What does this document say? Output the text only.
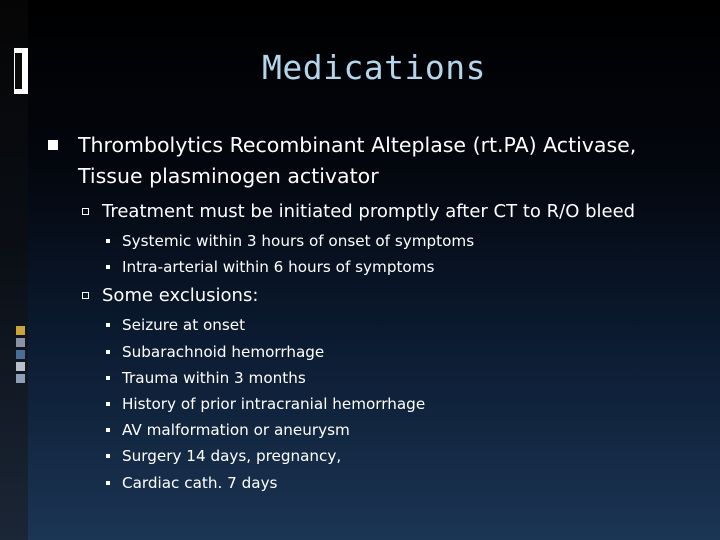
Medications
Thrombolytics Recombinant Alteplase (rt.PA) Activase, Tissue plasminogen activator
Treatment must be initiated promptly after CT to R/O bleed
Systemic within 3 hours of onset of symptoms
Intra-arterial within 6 hours of symptoms
Some exclusions:
Seizure at onset
Subarachnoid hemorrhage
Trauma within 3 months
History of prior intracranial hemorrhage
AV malformation or aneurysm
Surgery 14 days, pregnancy,
Cardiac cath. 7 days
